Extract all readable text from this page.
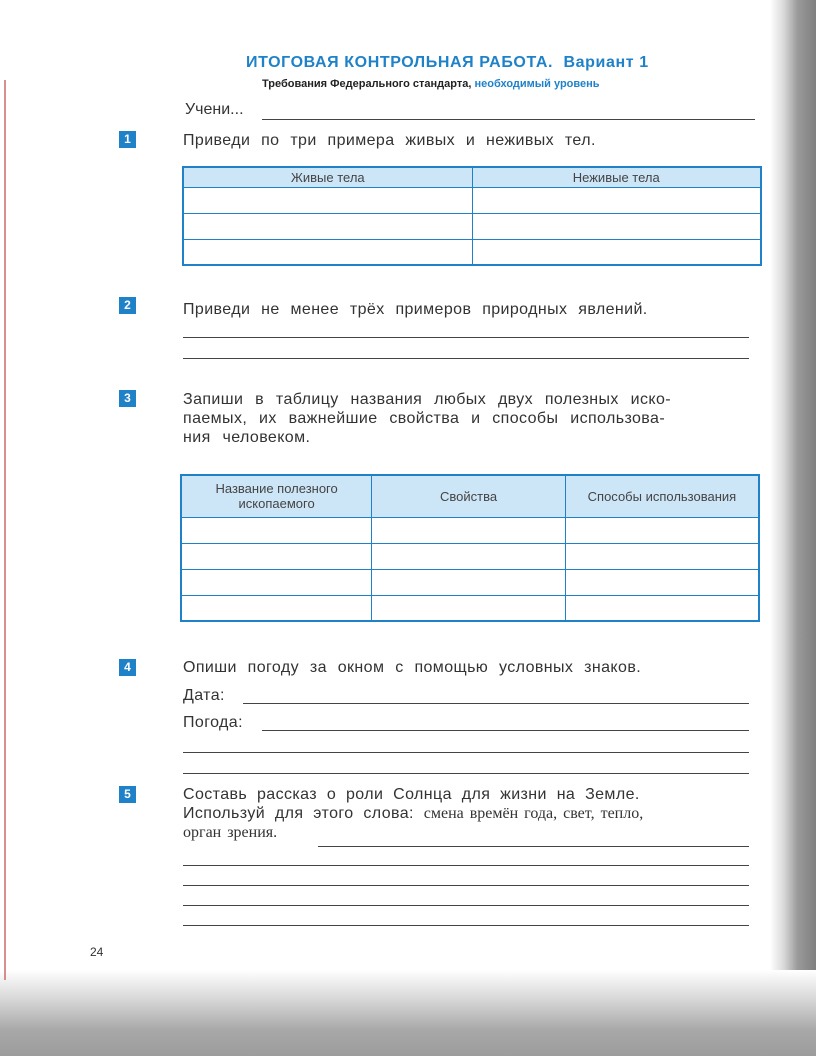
ИТОГОВАЯ КОНТРОЛЬНАЯ РАБОТА. Вариант 1
Требования Федерального стандарта, необходимый уровень
Учени...
1	Приведи по три примера живых и неживых тел.
Живые тела	Неживые тела

2	Приведи не менее трёх примеров природных явлений.
3	Запиши в таблицу названия любых двух полезных иско-
паемых, их важнейшие свойства и способы использова-
ния человеком.
Название полезного ископаемого	Свойства	Способы использования

4	Опиши погоду за окном с помощью условных знаков.
Дата:
Погода:
5	Составь рассказ о роли Солнца для жизни на Земле.
Используй для этого слова: смена времён года, свет, тепло,
орган зрения.
24
